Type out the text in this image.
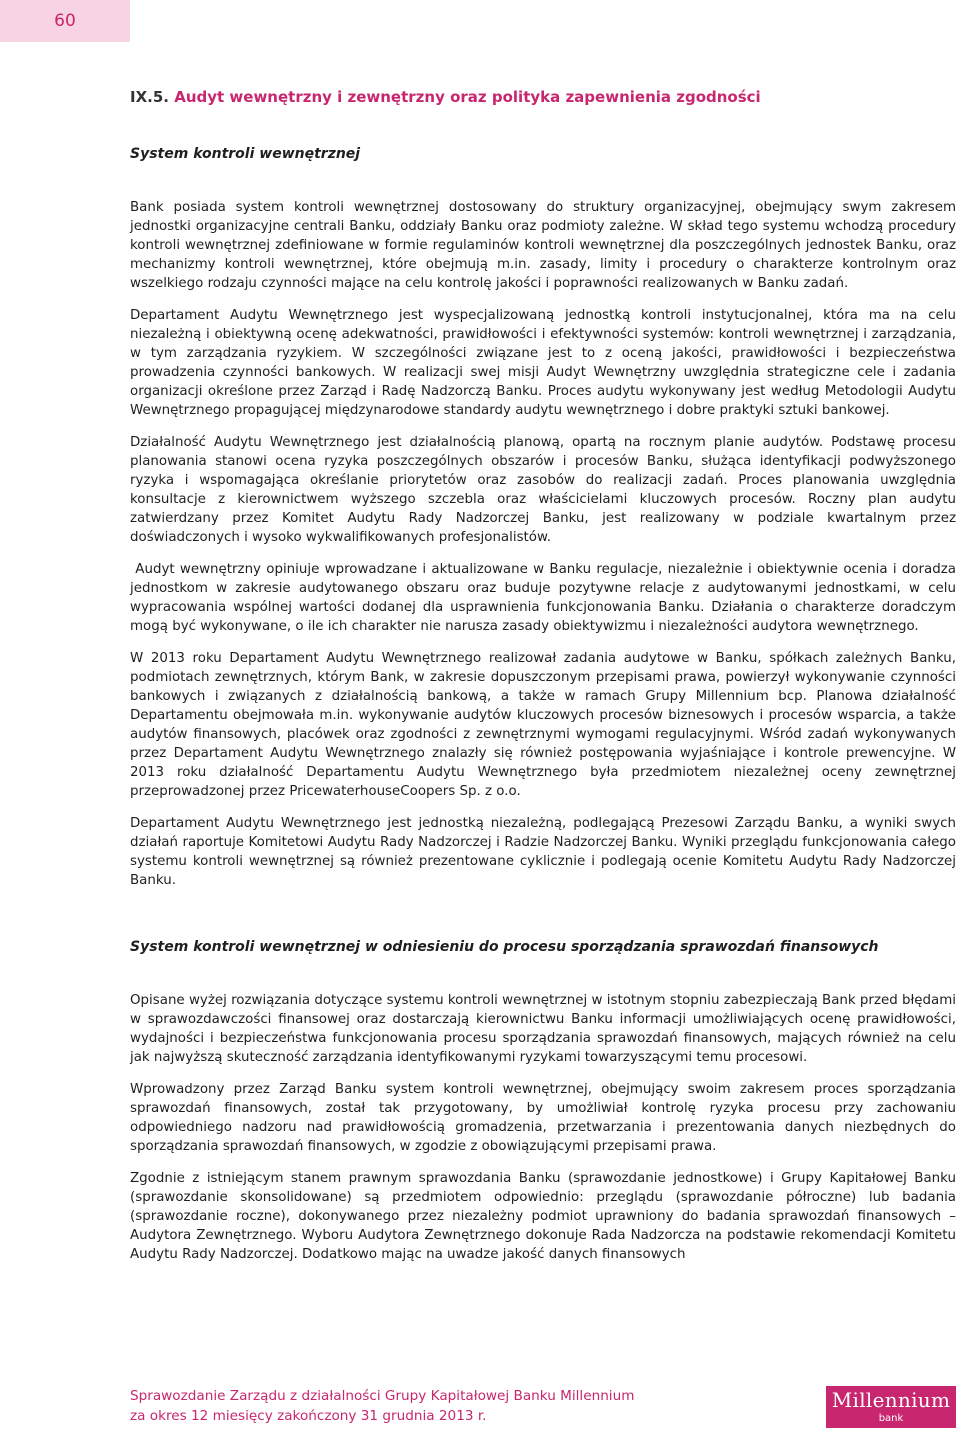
60
IX.5. Audyt wewnętrzny i zewnętrzny oraz polityka zapewnienia zgodności

System kontroli wewnętrznej

Bank posiada system kontroli wewnętrznej dostosowany do struktury organizacyjnej, obejmujący swym zakresem jednostki organizacyjne centrali Banku, oddziały Banku oraz podmioty zależne. W skład tego systemu wchodzą procedury kontroli wewnętrznej zdefiniowane w formie regulaminów kontroli wewnętrznej dla poszczególnych jednostek Banku, oraz mechanizmy kontroli wewnętrznej, które obejmują m.in. zasady, limity i procedury o charakterze kontrolnym oraz wszelkiego rodzaju czynności mające na celu kontrolę jakości i poprawności realizowanych w Banku zadań.

Departament Audytu Wewnętrznego jest wyspecjalizowaną jednostką kontroli instytucjonalnej, która ma na celu niezależną i obiektywną ocenę adekwatności, prawidłowości i efektywności systemów: kontroli wewnętrznej i zarządzania, w tym zarządzania ryzykiem. W szczególności związane jest to z oceną jakości, prawidłowości i bezpieczeństwa prowadzenia czynności bankowych. W realizacji swej misji Audyt Wewnętrzny uwzględnia strategiczne cele i zadania organizacji określone przez Zarząd i Radę Nadzorczą Banku. Proces audytu wykonywany jest według Metodologii Audytu Wewnętrznego propagującej międzynarodowe standardy audytu wewnętrznego i dobre praktyki sztuki bankowej.

Działalność Audytu Wewnętrznego jest działalnością planową, opartą na rocznym planie audytów. Podstawę procesu planowania stanowi ocena ryzyka poszczególnych obszarów i procesów Banku, służąca identyfikacji podwyższonego ryzyka i wspomagająca określanie priorytetów oraz zasobów do realizacji zadań. Proces planowania uwzględnia konsultacje z kierownictwem wyższego szczebla oraz właścicielami kluczowych procesów. Roczny plan audytu zatwierdzany przez Komitet Audytu Rady Nadzorczej Banku, jest realizowany w podziale kwartalnym przez doświadczonych i wysoko wykwalifikowanych profesjonalistów.

Audyt wewnętrzny opiniuje wprowadzane i aktualizowane w Banku regulacje, niezależnie i obiektywnie ocenia i doradza jednostkom w zakresie audytowanego obszaru oraz buduje pozytywne relacje z audytowanymi jednostkami, w celu wypracowania wspólnej wartości dodanej dla usprawnienia funkcjonowania Banku. Działania o charakterze doradczym mogą być wykonywane, o ile ich charakter nie narusza zasady obiektywizmu i niezależności audytora wewnętrznego.

W 2013 roku Departament Audytu Wewnętrznego realizował zadania audytowe w Banku, spółkach zależnych Banku, podmiotach zewnętrznych, którym Bank, w zakresie dopuszczonym przepisami prawa, powierzył wykonywanie czynności bankowych i związanych z działalnością bankową, a także w ramach Grupy Millennium bcp. Planowa działalność Departamentu obejmowała m.in. wykonywanie audytów kluczowych procesów biznesowych i procesów wsparcia, a także audytów finansowych, placówek oraz zgodności z zewnętrznymi wymogami regulacyjnymi. Wśród zadań wykonywanych przez Departament Audytu Wewnętrznego znalazły się również postępowania wyjaśniające i kontrole prewencyjne. W 2013 roku działalność Departamentu Audytu Wewnętrznego była przedmiotem niezależnej oceny zewnętrznej przeprowadzonej przez PricewaterhouseCoopers Sp. z o.o.

Departament Audytu Wewnętrznego jest jednostką niezależną, podlegającą Prezesowi Zarządu Banku, a wyniki swych działań raportuje Komitetowi Audytu Rady Nadzorczej i Radzie Nadzorczej Banku. Wyniki przeglądu funkcjonowania całego systemu kontroli wewnętrznej są również prezentowane cyklicznie i podlegają ocenie Komitetu Audytu Rady Nadzorczej Banku.

System kontroli wewnętrznej w odniesieniu do procesu sporządzania sprawozdań finansowych

Opisane wyżej rozwiązania dotyczące systemu kontroli wewnętrznej w istotnym stopniu zabezpieczają Bank przed błędami w sprawozdawczości finansowej oraz dostarczają kierownictwu Banku informacji umożliwiających ocenę prawidłowości, wydajności i bezpieczeństwa funkcjonowania procesu sporządzania sprawozdań finansowych, mających również na celu jak najwyższą skuteczność zarządzania identyfikowanymi ryzykami towarzyszącymi temu procesowi.

Wprowadzony przez Zarząd Banku system kontroli wewnętrznej, obejmujący swoim zakresem proces sporządzania sprawozdań finansowych, został tak przygotowany, by umożliwiał kontrolę ryzyka procesu przy zachowaniu odpowiedniego nadzoru nad prawidłowością gromadzenia, przetwarzania i prezentowania danych niezbędnych do sporządzania sprawozdań finansowych, w zgodzie z obowiązującymi przepisami prawa.

Zgodnie z istniejącym stanem prawnym sprawozdania Banku (sprawozdanie jednostkowe) i Grupy Kapitałowej Banku (sprawozdanie skonsolidowane) są przedmiotem odpowiednio: przeglądu (sprawozdanie półroczne) lub badania (sprawozdanie roczne), dokonywanego przez niezależny podmiot uprawniony do badania sprawozdań finansowych – Audytora Zewnętrznego. Wyboru Audytora Zewnętrznego dokonuje Rada Nadzorcza na podstawie rekomendacji Komitetu Audytu Rady Nadzorczej. Dodatkowo mając na uwadze jakość danych finansowych

Sprawozdanie Zarządu z działalności Grupy Kapitałowej Banku Millennium
za okres 12 miesięcy zakończony 31 grudnia 2013 r.
Millennium
bank
